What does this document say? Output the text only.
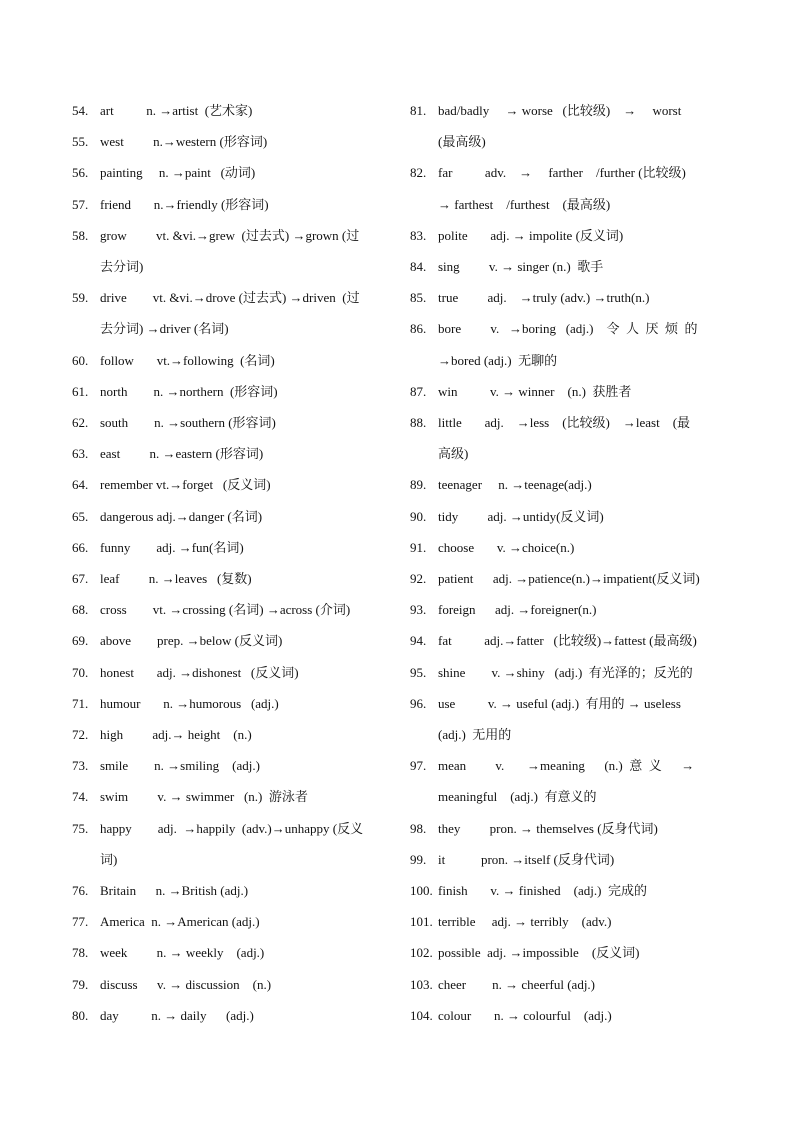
54. art          n. →artist  (艺术家)
55. west         n.→western (形容词)
56. painting     n. →paint   (动词)
57. friend       n.→friendly (形容词)
58. grow         vt. &vi.→grew  (过去式) →grown (过
去分词)
59. drive        vt. &vi.→drove (过去式) →driven  (过
去分词) →driver (名词)
60. follow       vt.→following  (名词)
61. north        n. →northern  (形容词)
62. south        n. →southern (形容词)
63. east         n. →eastern (形容词)
64. remember vt.→forget   (反义词)
65. dangerous adj.→danger (名词)
66. funny        adj. →fun(名词)
67. leaf         n. →leaves   (复数)
68. cross        vt. →crossing (名词) →across (介词)
69. above        prep. →below (反义词)
70. honest       adj. →dishonest   (反义词)
71. humour       n. →humorous   (adj.)
72. high         adj.→ height    (n.)
73. smile        n. →smiling    (adj.)
74. swim         v. → swimmer   (n.)  游泳者
75. happy        adj.  →happily  (adv.)→unhappy (反义
词)
76. Britain      n. →British (adj.)
77. America  n. →American (adj.)
78. week         n. → weekly    (adj.)
79. discuss      v. → discussion    (n.)
80. day          n. → daily      (adj.)
81. bad/badly     → worse   (比较级)    →     worst
(最高级)
82. far          adv.    →     farther    /further (比较级)
→ farthest    /furthest    (最高级)
83. polite       adj. → impolite (反义词)
84. sing         v. → singer (n.)  歌手
85. true         adj.    →truly (adv.) →truth(n.)
86. bore         v.   →boring   (adj.)    令  人  厌  烦  的
→bored (adj.)  无聊的
87. win          v. → winner    (n.)  获胜者
88. little       adj.    →less    (比较级)    →least    (最
高级)
89. teenager     n. →teenage(adj.)
90. tidy         adj. →untidy(反义词)
91. choose       v. →choice(n.)
92. patient      adj. →patience(n.)→impatient(反义词)
93. foreign      adj. →foreigner(n.)
94. fat          adj.→fatter   (比较级)→fattest (最高级)
95. shine        v. →shiny   (adj.)  有光泽的；反光的
96. use          v. → useful (adj.)  有用的 → useless
(adj.)  无用的
97. mean         v.       →meaning      (n.)  意  义      →
meaningful    (adj.)  有意义的
98. they         pron. → themselves (反身代词)
99. it           pron. →itself (反身代词)
100. finish       v. → finished    (adj.)  完成的
101. terrible     adj. → terribly    (adv.)
102. possible  adj. →impossible    (反义词)
103. cheer        n. → cheerful (adj.)
104. colour       n. → colourful    (adj.)
